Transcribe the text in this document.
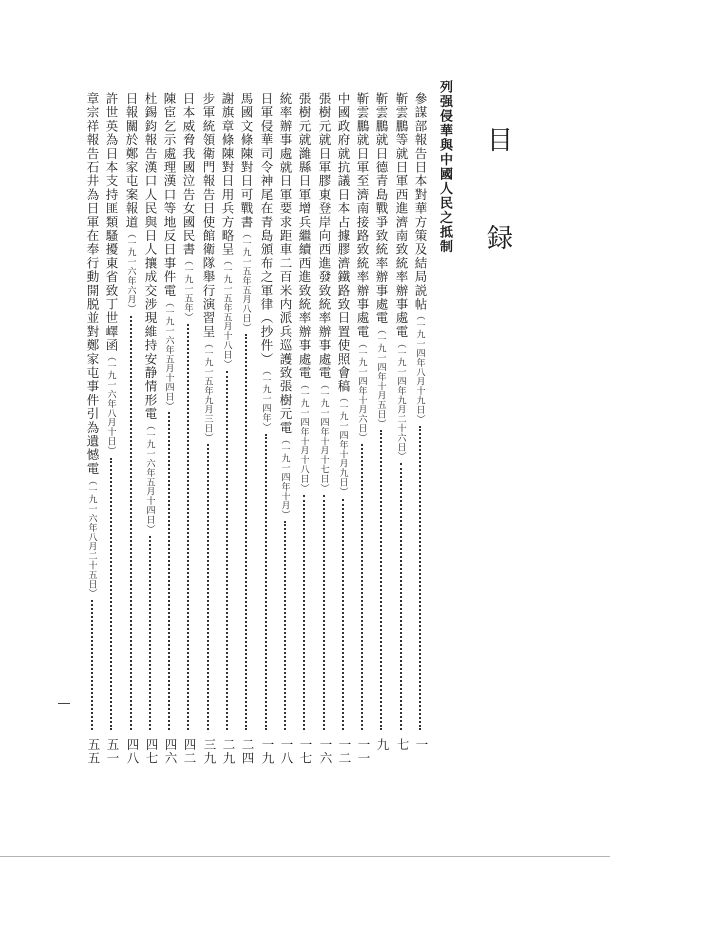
目
録
列强侵華與中國人民之抵制
參謀部報告日本對華方策及結局説帖
（一九一四年八月十九日）
一
靳雲鵬等就日軍西進濟南致統率辦事處電
（一九一四年九月二十六日）
七
靳雲鵬就日德青島戰爭致統率辦事處電
（一九一四年十月五日）
九
靳雲鵬就日軍至濟南接路致統率辦事處電
（一九一四年十月六日）
一一
中國政府就抗議日本占據膠濟鐵路致日置使照會稿
（一九一四年十月九日）
一二
張樹元就日軍膠東登岸向西進發致統率辦事處電
（一九一四年十月十七日）
一六
張樹元就濰縣日軍增兵繼續西進致統率辦事處電
（一九一四年十月十八日）
一七
統率辦事處就日軍要求距車二百米内派兵巡護致張樹元電
（一九一四年十月）
一八
日軍侵華司令神尾在青島頒布之軍律（抄件）
（一九一四年）
一九
馬國文條陳對日可戰書
（一九一五年五月八日）
二四
謝旗章條陳對日用兵方略呈
（一九一五年五月十八日）
二九
步軍統領衛門報告日使館衛隊舉行演習呈
（一九一五年九月三日）
三九
日本威脅我國泣告女國民書
（一九一五年）
四二
陳宦乞示處理漢口等地反日事件電
（一九一六年五月十四日）
四六
杜錫鈞報告漢口人民與日人攘成交涉現維持安静情形電
（一九一六年五月十四日）
四七
日報關於鄭家屯案報道
（一九一六年六月）
四八
許世英為日本支持匪類騷擾東省致丁世嶧函
（一九一六年八月十日）
五一
章宗祥報告石井為日軍在奉行動開脱並對鄭家屯事件引為遺憾電
（一九一六年八月二十五日）
五五
